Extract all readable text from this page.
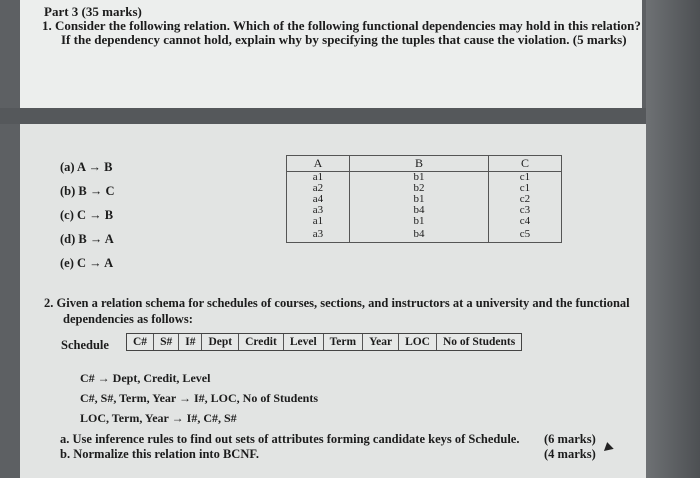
Part 3 (35 marks)
1. Consider the following relation. Which of the following functional dependencies may hold in this relation?
If the dependency cannot hold, explain why by specifying the tuples that cause the violation. (5 marks)
(a) A → B
(b) B → C
(c) C → B
(d) B → A
(e) C → A
A	B	C
a1	b1	c1
a2	b2	c1
a4	b1	c2
a3	b4	c3
a1	b1	c4
a3	b4	c5
2. Given a relation schema for schedules of courses, sections, and instructors at a university and the functional
dependencies as follows:
Schedule	C#	S#	I#	Dept	Credit	Level	Term	Year	LOC	No of Students
C# → Dept, Credit, Level
C#, S#, Term, Year → I#, LOC, No of Students
LOC, Term, Year → I#, C#, S#
a. Use inference rules to find out sets of attributes forming candidate keys of Schedule.
b. Normalize this relation into BCNF.
(6 marks)
(4 marks)
